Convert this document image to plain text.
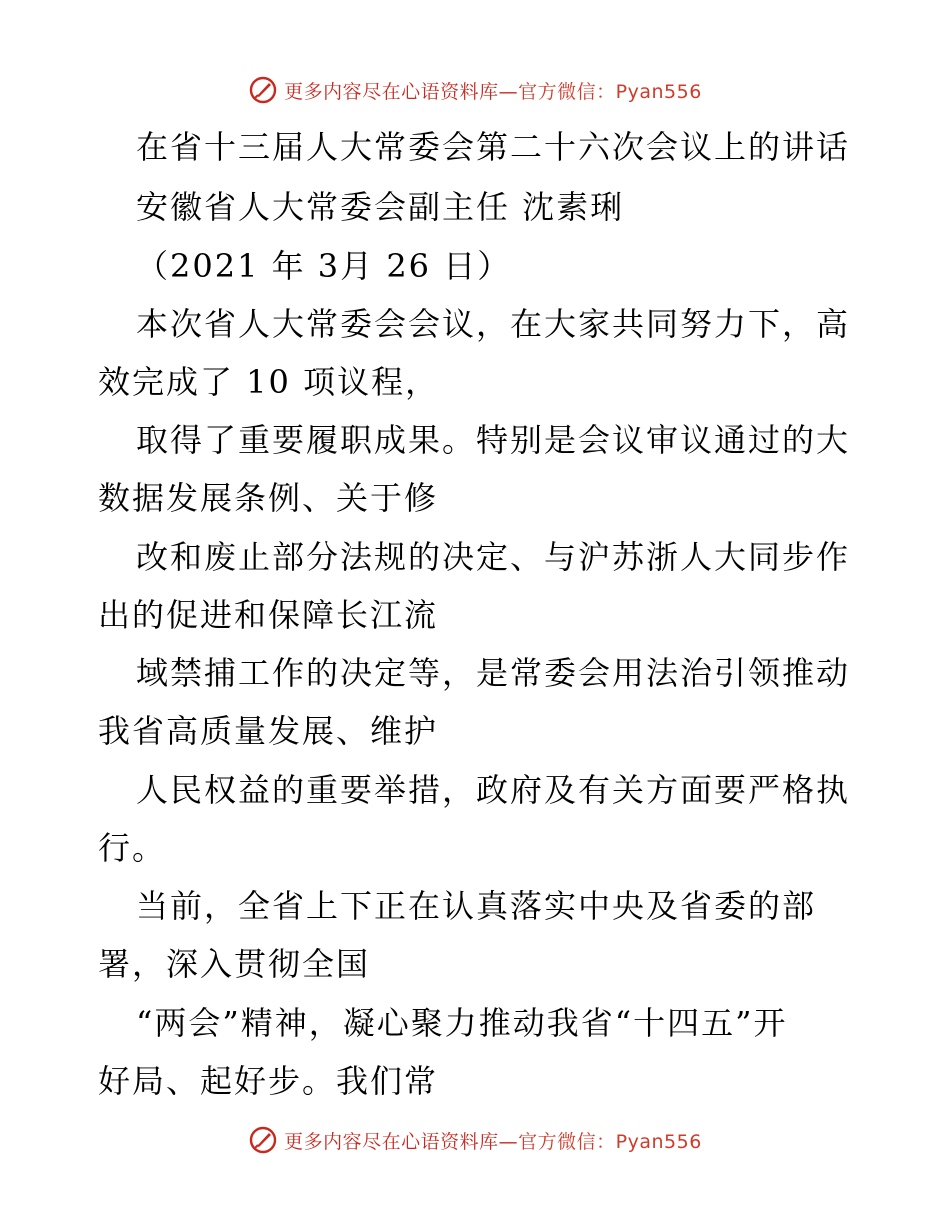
更多内容尽在心语资料库—官方微信：Pyan556
在省十三届人大常委会第二十六次会议上的讲话
安徽省人大常委会副主任 沈素琍
（2021 年 3月 26 日）
本次省人大常委会会议，在大家共同努力下，高
效完成了 10 项议程，
取得了重要履职成果。特别是会议审议通过的大
数据发展条例、关于修
改和废止部分法规的决定、与沪苏浙人大同步作
出的促进和保障长江流
域禁捕工作的决定等，是常委会用法治引领推动
我省高质量发展、维护
人民权益的重要举措，政府及有关方面要严格执
行。
当前，全省上下正在认真落实中央及省委的部
署，深入贯彻全国
“两会”精神，凝心聚力推动我省“十四五”开
好局、起好步。我们常
更多内容尽在心语资料库—官方微信：Pyan556
